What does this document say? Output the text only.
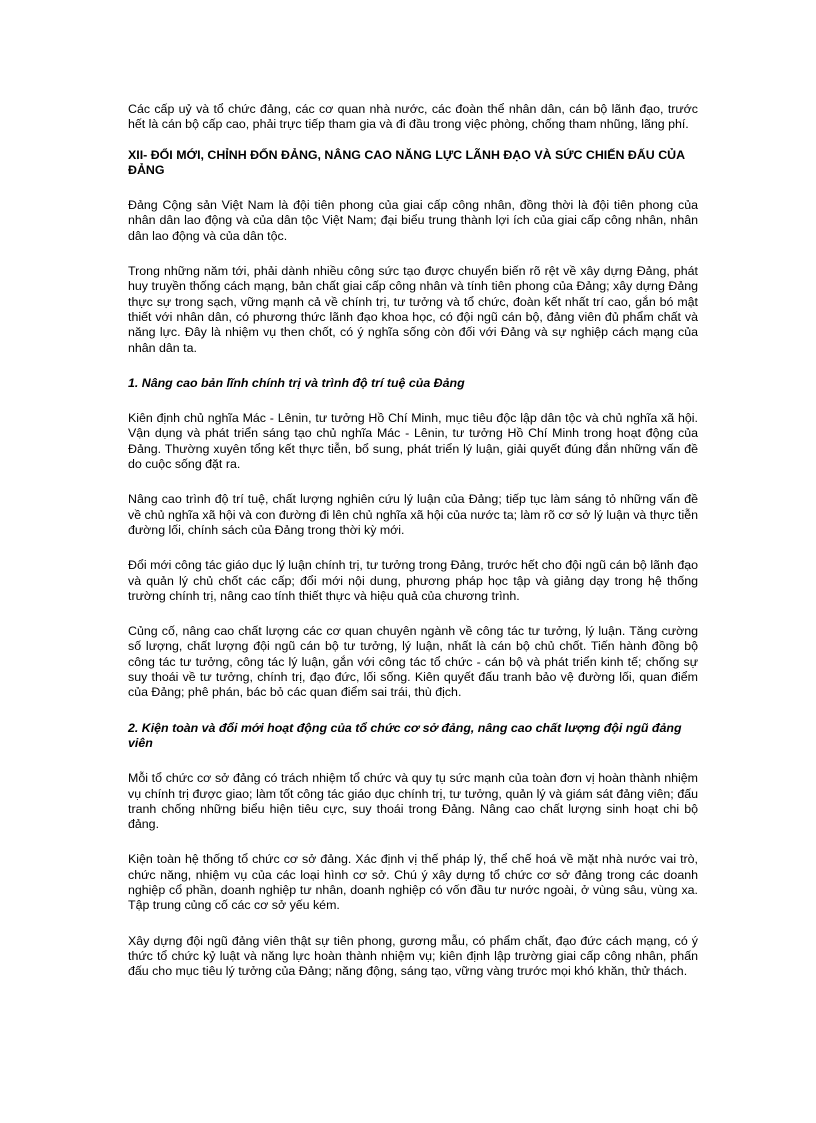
Các cấp uỷ và tổ chức đảng, các cơ quan nhà nước, các đoàn thể nhân dân, cán bộ lãnh đạo, trước hết là cán bộ cấp cao, phải trực tiếp tham gia và đi đầu trong việc phòng, chống tham nhũng, lãng phí.

XII- ĐỔI MỚI, CHỈNH ĐỐN ĐẢNG, NÂNG CAO NĂNG LỰC LÃNH ĐẠO VÀ SỨC CHIẾN ĐẤU CỦA ĐẢNG

Đảng Cộng sản Việt Nam là đội tiên phong của giai cấp công nhân, đồng thời là đội tiên phong của nhân dân lao động và của dân tộc Việt Nam; đại biểu trung thành lợi ích của giai cấp công nhân, nhân dân lao động và của dân tộc.

Trong những năm tới, phải dành nhiều công sức tạo được chuyển biến rõ rệt về xây dựng Đảng, phát huy truyền thống cách mạng, bản chất giai cấp công nhân và tính tiên phong của Đảng; xây dựng Đảng thực sự trong sạch, vững mạnh cả về chính trị, tư tưởng và tổ chức, đoàn kết nhất trí cao, gắn bó mật thiết với nhân dân, có phương thức lãnh đạo khoa học, có đội ngũ cán bộ, đảng viên đủ phẩm chất và năng lực. Đây là nhiệm vụ then chốt, có ý nghĩa sống còn đối với Đảng và sự nghiệp cách mạng của nhân dân ta.

1. Nâng cao bản lĩnh chính trị và trình độ trí tuệ của Đảng

Kiên định chủ nghĩa Mác - Lênin, tư tưởng Hồ Chí Minh, mục tiêu độc lập dân tộc và chủ nghĩa xã hội. Vận dụng và phát triển sáng tạo chủ nghĩa Mác - Lênin, tư tưởng Hồ Chí Minh trong hoạt động của Đảng. Thường xuyên tổng kết thực tiễn, bổ sung, phát triển lý luận, giải quyết đúng đắn những vấn đề do cuộc sống đặt ra.

Nâng cao trình độ trí tuệ, chất lượng nghiên cứu lý luận của Đảng; tiếp tục làm sáng tỏ những vấn đề về chủ nghĩa xã hội và con đường đi lên chủ nghĩa xã hội của nước ta; làm rõ cơ sở lý luận và thực tiễn đường lối, chính sách của Đảng trong thời kỳ mới.

Đổi mới công tác giáo dục lý luận chính trị, tư tưởng trong Đảng, trước hết cho đội ngũ cán bộ lãnh đạo và quản lý chủ chốt các cấp; đổi mới nội dung, phương pháp học tập và giảng dạy trong hệ thống trường chính trị, nâng cao tính thiết thực và hiệu quả của chương trình.

Củng cố, nâng cao chất lượng các cơ quan chuyên ngành về công tác tư tưởng, lý luận. Tăng cường số lượng, chất lượng đội ngũ cán bộ tư tưởng, lý luận, nhất là cán bộ chủ chốt. Tiến hành đồng bộ công tác tư tưởng, công tác lý luận, gắn với công tác tổ chức - cán bộ và phát triển kinh tế; chống sự suy thoái về tư tưởng, chính trị, đạo đức, lối sống. Kiên quyết đấu tranh bảo vệ đường lối, quan điểm của Đảng; phê phán, bác bỏ các quan điểm sai trái, thù địch.

2. Kiện toàn và đổi mới hoạt động của tổ chức cơ sở đảng, nâng cao chất lượng đội ngũ đảng viên

Mỗi tổ chức cơ sở đảng có trách nhiệm tổ chức và quy tụ sức mạnh của toàn đơn vị hoàn thành nhiệm vụ chính trị được giao; làm tốt công tác giáo dục chính trị, tư tưởng, quản lý và giám sát đảng viên; đấu tranh chống những biểu hiện tiêu cực, suy thoái trong Đảng. Nâng cao chất lượng sinh hoạt chi bộ đảng.

Kiện toàn hệ thống tổ chức cơ sở đảng. Xác định vị thế pháp lý, thể chế hoá về mặt nhà nước vai trò, chức năng, nhiệm vụ của các loại hình cơ sở. Chú ý xây dựng tổ chức cơ sở đảng trong các doanh nghiệp cổ phần, doanh nghiệp tư nhân, doanh nghiệp có vốn đầu tư nước ngoài, ở vùng sâu, vùng xa. Tập trung củng cố các cơ sở yếu kém.

Xây dựng đội ngũ đảng viên thật sự tiên phong, gương mẫu, có phẩm chất, đạo đức cách mạng, có ý thức tổ chức kỷ luật và năng lực hoàn thành nhiệm vụ; kiên định lập trường giai cấp công nhân, phấn đấu cho mục tiêu lý tưởng của Đảng; năng động, sáng tạo, vững vàng trước mọi khó khăn, thử thách.
